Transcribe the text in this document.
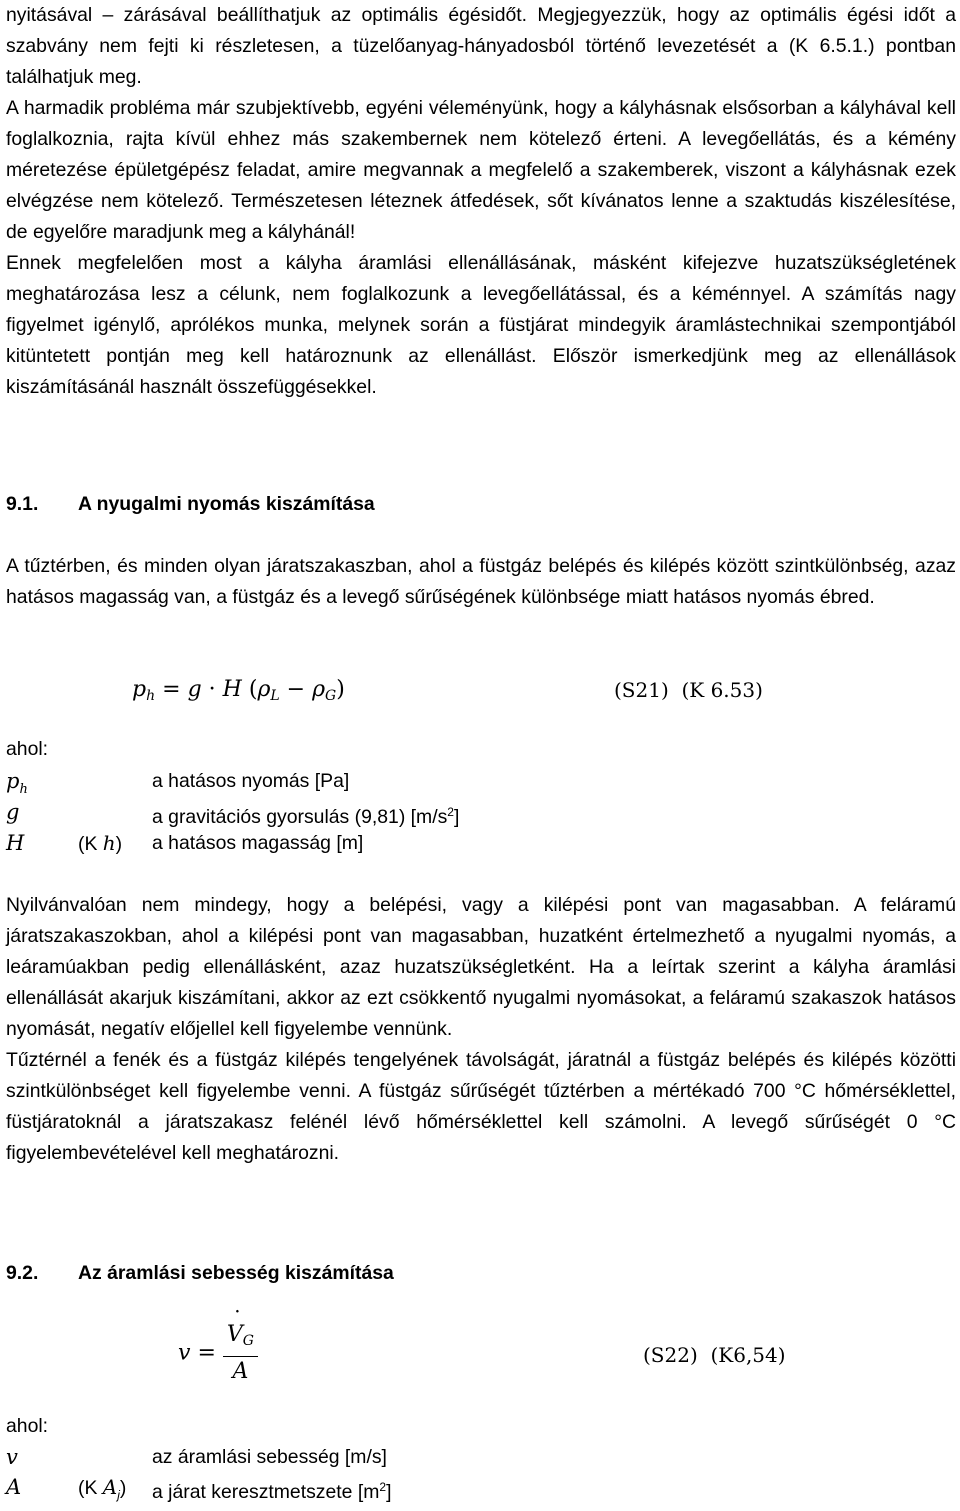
nyitásával – zárásával beállíthatjuk az optimális égésidőt. Megjegyezzük, hogy az optimális égési időt a szabvány nem fejti ki részletesen, a tüzelőanyag-hányadosból történő levezetését a (K 6.5.1.) pontban találhatjuk meg.

A harmadik probléma már szubjektívebb, egyéni véleményünk, hogy a kályhásnak elsősorban a kályhával kell foglalkoznia, rajta kívül ehhez más szakembernek nem kötelező érteni. A levegőellátás, és a kémény méretezése épületgépész feladat, amire megvannak a megfelelő a szakemberek, viszont a kályhásnak ezek elvégzése nem kötelező. Természetesen léteznek átfedések, sőt kívánatos lenne a szaktudás kiszélesítése, de egyelőre maradjunk meg a kályhánál!

Ennek megfelelően most a kályha áramlási ellenállásának, másként kifejezve huzatszükségletének meghatározása lesz a célunk, nem foglalkozunk a levegőellátással, és a kéménnyel. A számítás nagy figyelmet igénylő, aprólékos munka, melynek során a füstjárat mindegyik áramlástechnikai szempontjából kitüntetett pontján meg kell határoznunk az ellenállást. Először ismerkedjünk meg az ellenállások kiszámításánál használt összefüggésekkel.

9.1. A nyugalmi nyomás kiszámítása

A tűztérben, és minden olyan járatszakaszban, ahol a füstgáz belépés és kilépés között szintkülönbség, azaz hatásos magasság van, a füstgáz és a levegő sűrűségének különbsége miatt hatásos nyomás ébred.

$p_h = g \cdot H$ $(\rho_L - \rho_G)$	(S21) (K 6.53)
ahol:
$p_h$	a hatásos nyomás [Pa]
g	a gravitációs gyorsulás (9,81) $[m/s^2]$
H	(K h) a hatásos magasság [m]

Nyilvánvalóan nem mindegy, hogy a belépési, vagy a kilépési pont van magasabban. A feláramú járatszakaszokban, ahol a kilépési pont van magasabban, huzatként értelmezhető a nyugalmi nyomás, a leáramúakban pedig ellenállásként, azaz huzatszükségletként. Ha a leírtak szerint a kályha áramlási ellenállását akarjuk kiszámítani, akkor az ezt csökkentő nyugalmi nyomásokat, a feláramú szakaszok hatásos nyomását, negatív előjellel kell figyelembe vennünk.

Tűztérnél a fenék és a füstgáz kilépés tengelyének távolságát, járatnál a füstgáz belépés és kilépés közötti szintkülönbséget kell figyelembe venni. A füstgáz sűrűségét tűztérben a mértékadó 700 °C hőmérséklettel, füstjáratoknál a járatszakasz felénél lévő hőmérséklettel kell számolni. A levegő sűrűségét 0 °C figyelembevételével kell meghatározni.

9.2. Az áramlási sebesség kiszámítása
$v = \frac{V ˙_G}{A}$	(S22) (K6,54)
ahol:
v	az áramlási sebesség [m/s]
A	(K $A_j$) a járat keresztmetszete $[m^2]$
